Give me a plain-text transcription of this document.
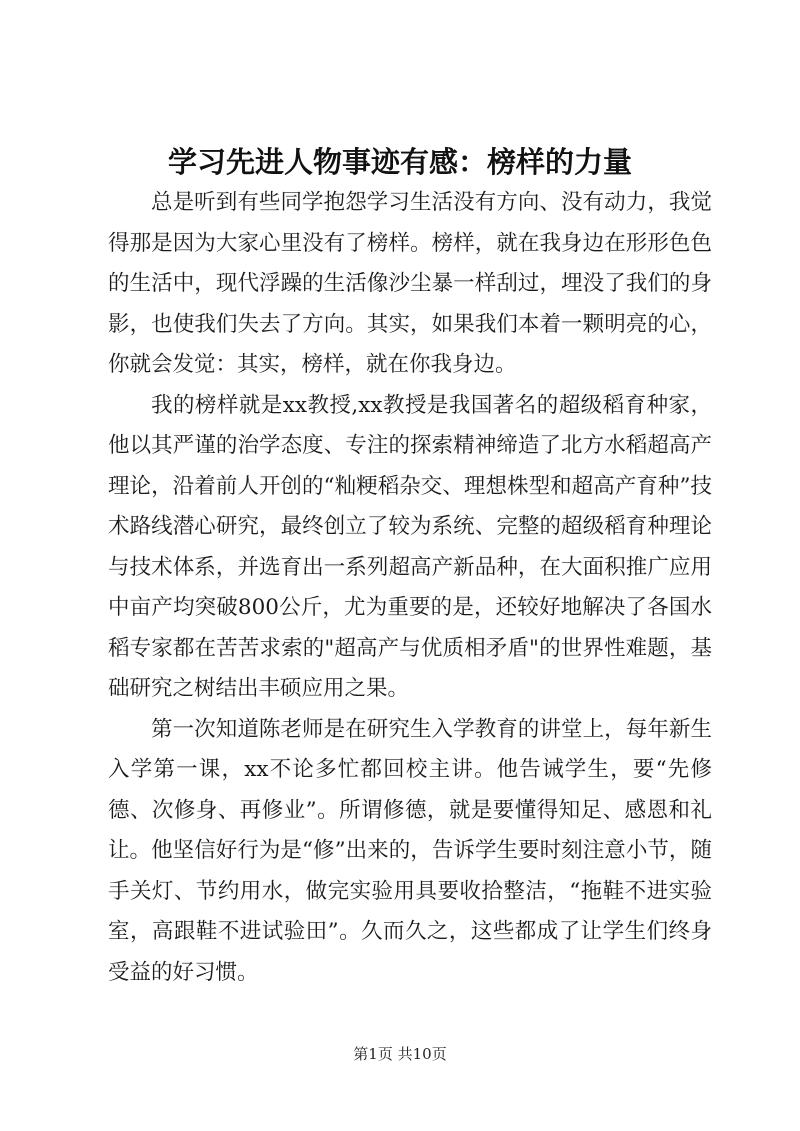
学习先进人物事迹有感：榜样的力量

总是听到有些同学抱怨学习生活没有方向、没有动力，我觉得那是因为大家心里没有了榜样。榜样，就在我身边在形形色色的生活中，现代浮躁的生活像沙尘暴一样刮过，埋没了我们的身影，也使我们失去了方向。其实，如果我们本着一颗明亮的心，你就会发觉：其实，榜样，就在你我身边。

我的榜样就是xx教授,xx教授是我国著名的超级稻育种家，他以其严谨的治学态度、专注的探索精神缔造了北方水稻超高产理论，沿着前人开创的“籼粳稻杂交、理想株型和超高产育种”技术路线潜心研究，最终创立了较为系统、完整的超级稻育种理论与技术体系，并选育出一系列超高产新品种，在大面积推广应用中亩产均突破800公斤，尤为重要的是，还较好地解决了各国水稻专家都在苦苦求索的"超高产与优质相矛盾"的世界性难题，基础研究之树结出丰硕应用之果。

第一次知道陈老师是在研究生入学教育的讲堂上，每年新生入学第一课，xx不论多忙都回校主讲。他告诫学生，要“先修德、次修身、再修业”。所谓修德，就是要懂得知足、感恩和礼让。他坚信好行为是“修”出来的，告诉学生要时刻注意小节，随手关灯、节约用水，做完实验用具要收拾整洁，“拖鞋不进实验室，高跟鞋不进试验田”。久而久之，这些都成了让学生们终身受益的好习惯。

第1页 共10页
